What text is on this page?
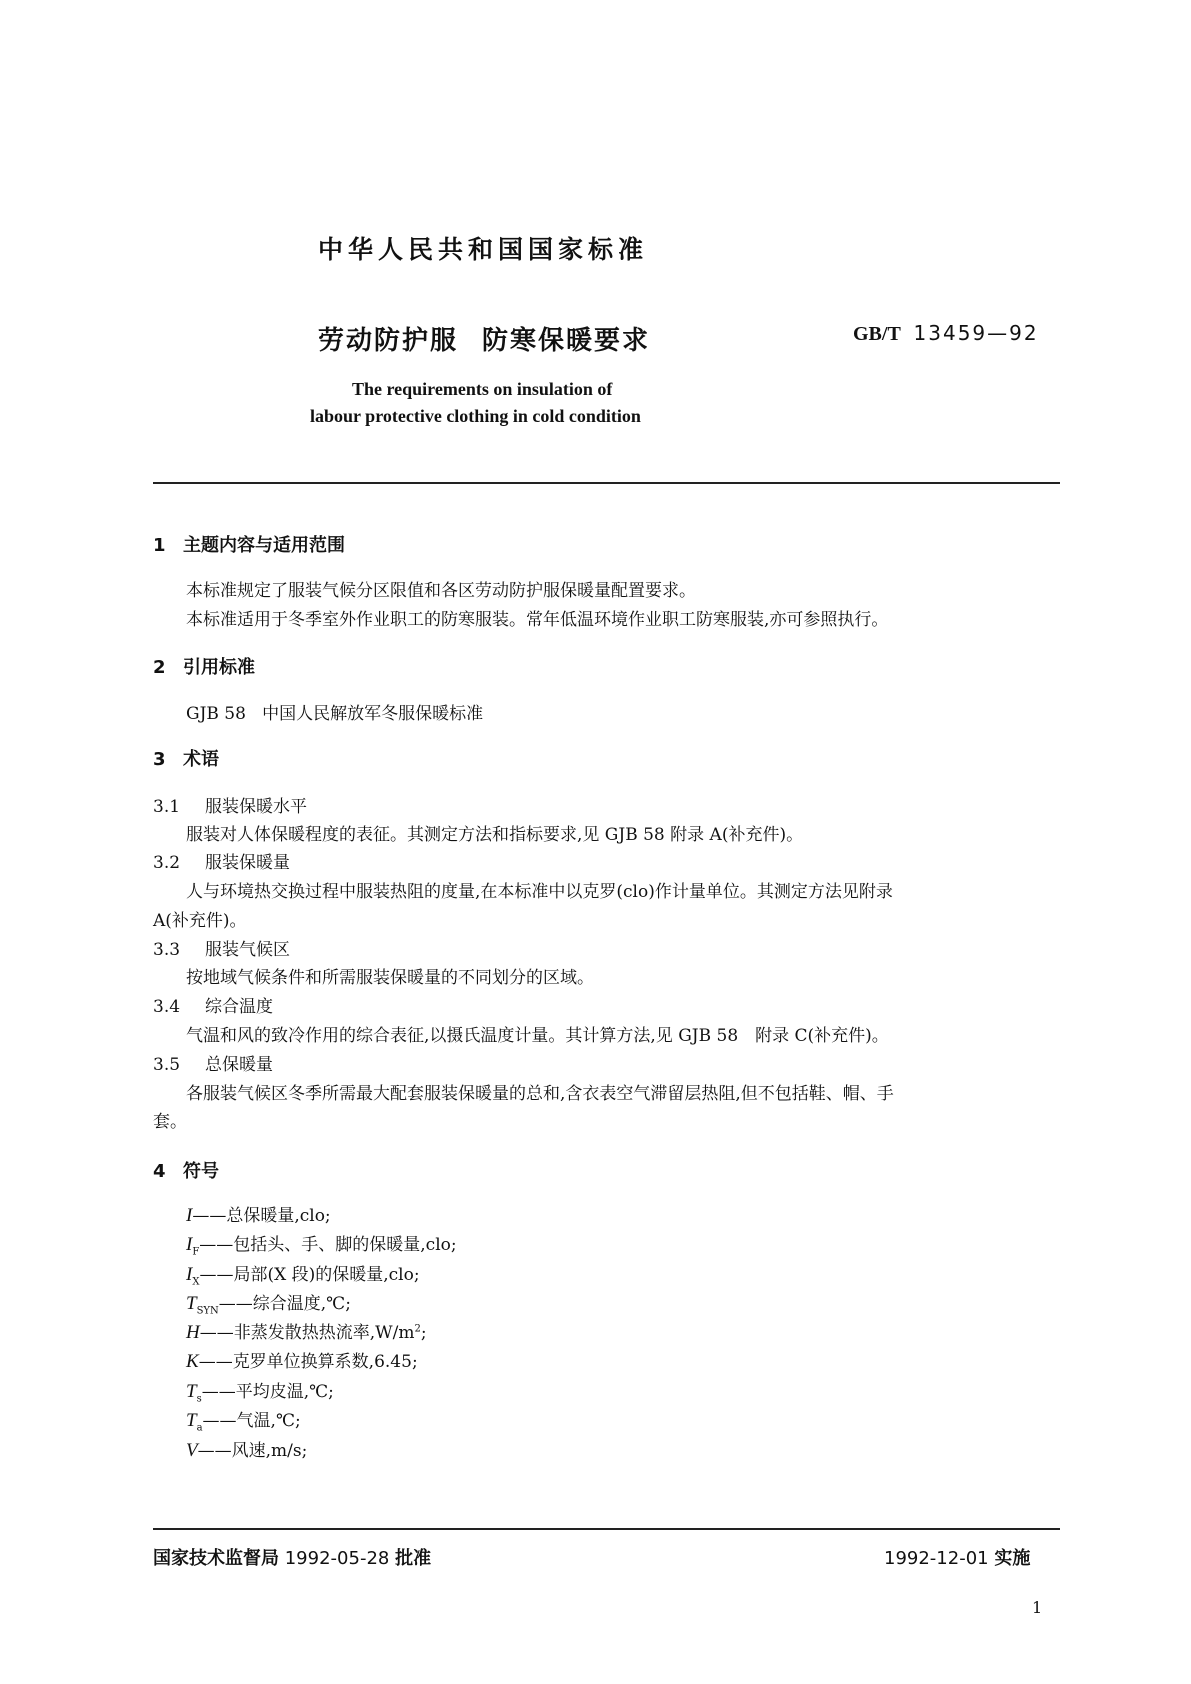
中华人民共和国国家标准
劳动防护服 防寒保暖要求	GB/T 13459—92
The requirements on insulation of
labour protective clothing in cold condition
1 主题内容与适用范围
本标准规定了服装气候分区限值和各区劳动防护服保暖量配置要求。
本标准适用于冬季室外作业职工的防寒服装。常年低温环境作业职工防寒服装,亦可参照执行。
2 引用标准
GJB 58 中国人民解放军冬服保暖标准
3 术语
3.1 服装保暖水平
服装对人体保暖程度的表征。其测定方法和指标要求,见 GJB 58 附录 A(补充件)。
3.2 服装保暖量
人与环境热交换过程中服装热阻的度量,在本标准中以克罗(clo)作计量单位。其测定方法见附录
A(补充件)。
3.3 服装气候区
按地域气候条件和所需服装保暖量的不同划分的区域。
3.4 综合温度
气温和风的致冷作用的综合表征,以摄氏温度计量。其计算方法,见 GJB 58　附录 C(补充件)。
3.5 总保暖量
各服装气候区冬季所需最大配套服装保暖量的总和,含衣表空气滞留层热阻,但不包括鞋、帽、手
套。
4 符号
I——总保暖量,clo;
$I_F——$包括头、手、脚的保暖量,clo;
$I_X——$局部(X 段)的保暖量,clo;
$T_{SYN}——$综合温度,℃;
H——非蒸发散热热流率$,W/m^2$;
K——克罗单位换算系数,6.45;
$T_s——$平均皮温,℃;
$T_a——$气温,℃;
V——风速,m/s;
国家技术监督局 1992-05-28 批准	1992-12-01 实施
1
